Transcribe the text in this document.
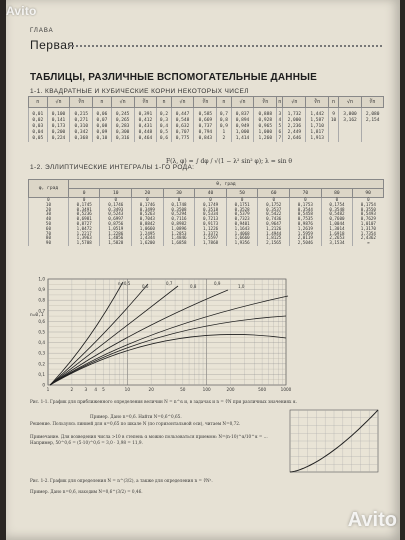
ГЛАВА
Первая
ТАБЛИЦЫ, РАЗЛИЧНЫЕ ВСПОМОГАТЕЛЬНЫЕ ДАННЫЕ
1-1. КВАДРАТНЫЕ И КУБИЧЕСКИЕ КОРНИ НЕКОТОРЫХ ЧИСЕЛ
n	√n	∛n	n	√n	∛n	n	√n	∛n	n	√n	∛n	n	√n	∛n	n	√n	∛n
0,01	0,100	0,215	0,06	0,245	0,391	0,2	0,447	0,585	0,7	0,837	0,888	3	1,732	1,442	9	3,000	2,080
0,02	0,141	0,271	0,07	0,265	0,412	0,3	0,548	0,669	0,8	0,894	0,928	4	2,000	1,587	10	3,162	2,154
0,03	0,173	0,310	0,08	0,283	0,431	0,4	0,632	0,737	0,9	0,949	0,965	5	2,236	1,710			
0,04	0,200	0,342	0,09	0,300	0,448	0,5	0,707	0,794	1	1,000	1,000	6	2,449	1,817			
0,05	0,224	0,368	0,10	0,316	0,464	0,6	0,775	0,843	2	1,414	1,260	7	2,646	1,913			
1-2. ЭЛЛИПТИЧЕСКИЕ ИНТЕГРАЛЫ 1-ГО РОДА:
F(λ, φ) = ∫ dφ / √(1 − λ² sin² φ); λ = sin θ
φ, град	θ, град									
	0	10	20	30	40	50	60	70	80	90
0	0	0	0	0	0	0	0	0	0	0
10	0,1745	0,1746	0,1746	0,1748	0,1749	0,1751	0,1752	0,1753	0,1754	0,1754
20	0,3491	0,3493	0,3499	0,3508	0,3518	0,3528	0,3537	0,3544	0,3548	0,3550
30	0,5236	0,5243	0,5263	0,5294	0,5334	0,5379	0,5422	0,5458	0,5482	0,5493
40	0,6981	0,6997	0,7043	0,7116	0,7213	0,7323	0,7436	0,7535	0,7600	0,7629
50	0,8727	0,8756	0,8842	0,8982	0,9173	0,9401	0,9647	0,9876	1,0044	1,0107
60	1,0472	1,0519	1,0660	1,0896	1,1226	1,1643	1,2126	1,2619	1,3014	1,3170
70	1,2217	1,2286	1,2495	1,2853	1,3372	1,4068	1,4944	1,5959	1,6918	1,7354
80	1,3963	1,4056	1,4344	1,4846	1,5597	1,6660	1,8125	2,0119	2,2653	2,4362
90	1,5708	1,5828	1,6200	1,6858	1,7868	1,9356	2,1565	2,5046	3,1534	∞
1,0
0,9
0,8
0,7
0,6
0,5
0,4
0,3
0,2
0,1
0
1	2	3 4 5	10	20	50	100	200	500	1000
n=0,5
0,6
0,7
0,8
0,9
1,0
n=0,1
Рис. 1-1. График для приближенного определения величин N = n^α и, в задачах и n = ∛N при различных значениях α.
Пример. Дано n=0,6. Найти N=0,6^0,65.
Решение. Пользуясь линией для α=0,65 по шкале N (по горизонтальной оси), читаем N=0,72.
Примечание. Для возведения числа >10 в степень α можно пользоваться приемом: N=(n·10)^α/10^α = ... Например, 50^0,6 = (5·10)^0,6 = 3,0 · 3,98 = 11,9.
Рис. 1-2. График для определения N = n^(3/2), а также для определения n = ∛N².
Пример. Дано n=0,6, находим N=0,6^(3/2) = 0,46.
Avito
Avito
